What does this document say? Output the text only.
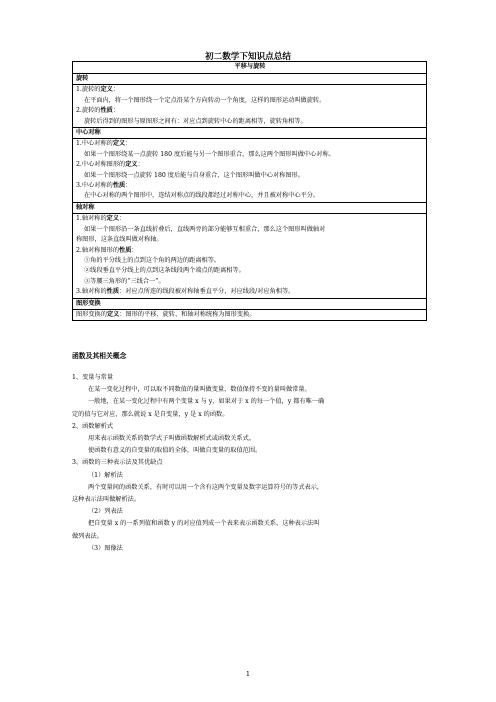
初二数学下知识点总结
平移与旋转
旋转

1.旋转的定义：
在平面内，将一个图形绕一个定点沿某个方向转动一个角度，这样的图形运动叫做旋转。
2.旋转的性质：
旋转后得到的图形与原图形之间有：对应点到旋转中心的距离相等，旋转角相等。

中心对称

1.中心对称的定义：
如果一个图形绕某一点旋转 180 度后能与另一个图形重合，那么这两个图形叫做中心对称。
2.中心对称图形的定义：
如果一个图形绕一点旋转 180 度后能与自身重合，这个图形叫做中心对称图形。
3.中心对称的性质：
在中心对称的两个图形中，连结对称点的线段都经过对称中心，并且被对称中心平分。

轴对称

1.轴对称的定义：
如果一个图形沿一条直线折叠后，直线两旁的部分能够互相重合，那么这个图形叫做轴对
称图形，这条直线叫做对称轴。
2.轴对称图形的性质：
①角的平分线上的点到这个角的两边的距离相等。
②线段垂直平分线上的点到这条线段两个端点的距离相等。
③等腰三角形的“三线合一”。
3.轴对称的性质：对应点所连的线段被对称轴垂直平分，对应线段/对应角相等。

图形变换

图形变换的定义：图形的平移、旋转、和轴对称统称为图形变换。
函数及其相关概念
1、变量与常量
在某一变化过程中，可以取不同数值的量叫做变量，数值保持不变的量叫做常量。
一般地，在某一变化过程中有两个变量 x 与 y，如果对于 x 的每一个值，y 都有唯一确
定的值与它对应，那么就说 x 是自变量，y 是 x 的函数。
2、函数解析式
用来表示函数关系的数学式子叫做函数解析式或函数关系式。
使函数有意义的自变量的取值的全体，叫做自变量的取值范围。
3、函数的三种表示法及其优缺点
（1）解析法
两个变量间的函数关系，有时可以用一个含有这两个变量及数字运算符号的等式表示，
这种表示法叫做解析法。
（2）列表法
把自变量 x 的一系列值和函数 y 的对应值列成一个表来表示函数关系，这种表示法叫
做列表法。
（3）图像法
1
